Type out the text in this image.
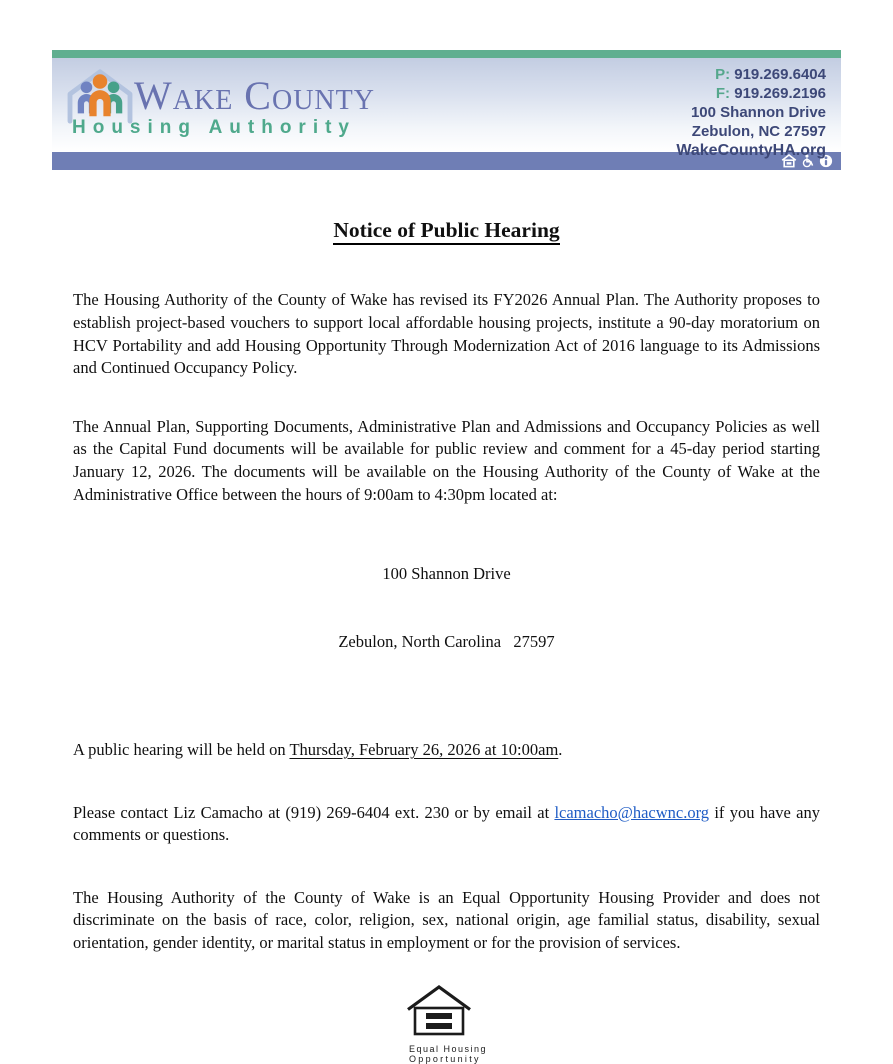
Wake County
Housing Authority
P: 919.269.6404
F: 919.269.2196
100 Shannon Drive
Zebulon, NC 27597
WakeCountyHA.org
Notice of Public Hearing

The Housing Authority of the County of Wake has revised its FY2026 Annual Plan. The Authority proposes to establish project-based vouchers to support local affordable housing projects, institute a 90-day moratorium on HCV Portability and add Housing Opportunity Through Modernization Act of 2016 language to its Admissions and Continued Occupancy Policy.

The Annual Plan, Supporting Documents, Administrative Plan and Admissions and Occupancy Policies as well as the Capital Fund documents will be available for public review and comment for a 45-day period starting January 12, 2026. The documents will be available on the Housing Authority of the County of Wake at the Administrative Office between the hours of 9:00am to 4:30pm located at:

100 Shannon Drive

Zebulon, North Carolina   27597

A public hearing will be held on Thursday, February 26, 2026 at 10:00am.

Please contact Liz Camacho at (919) 269-6404 ext. 230 or by email at lcamacho@hacwnc.org if you have any comments or questions.

The Housing Authority of the County of Wake is an Equal Opportunity Housing Provider and does not discriminate on the basis of race, color, religion, sex, national origin, age familial status, disability, sexual orientation, gender identity, or marital status in employment or for the provision of services.

Equal Housing
Opportunity
